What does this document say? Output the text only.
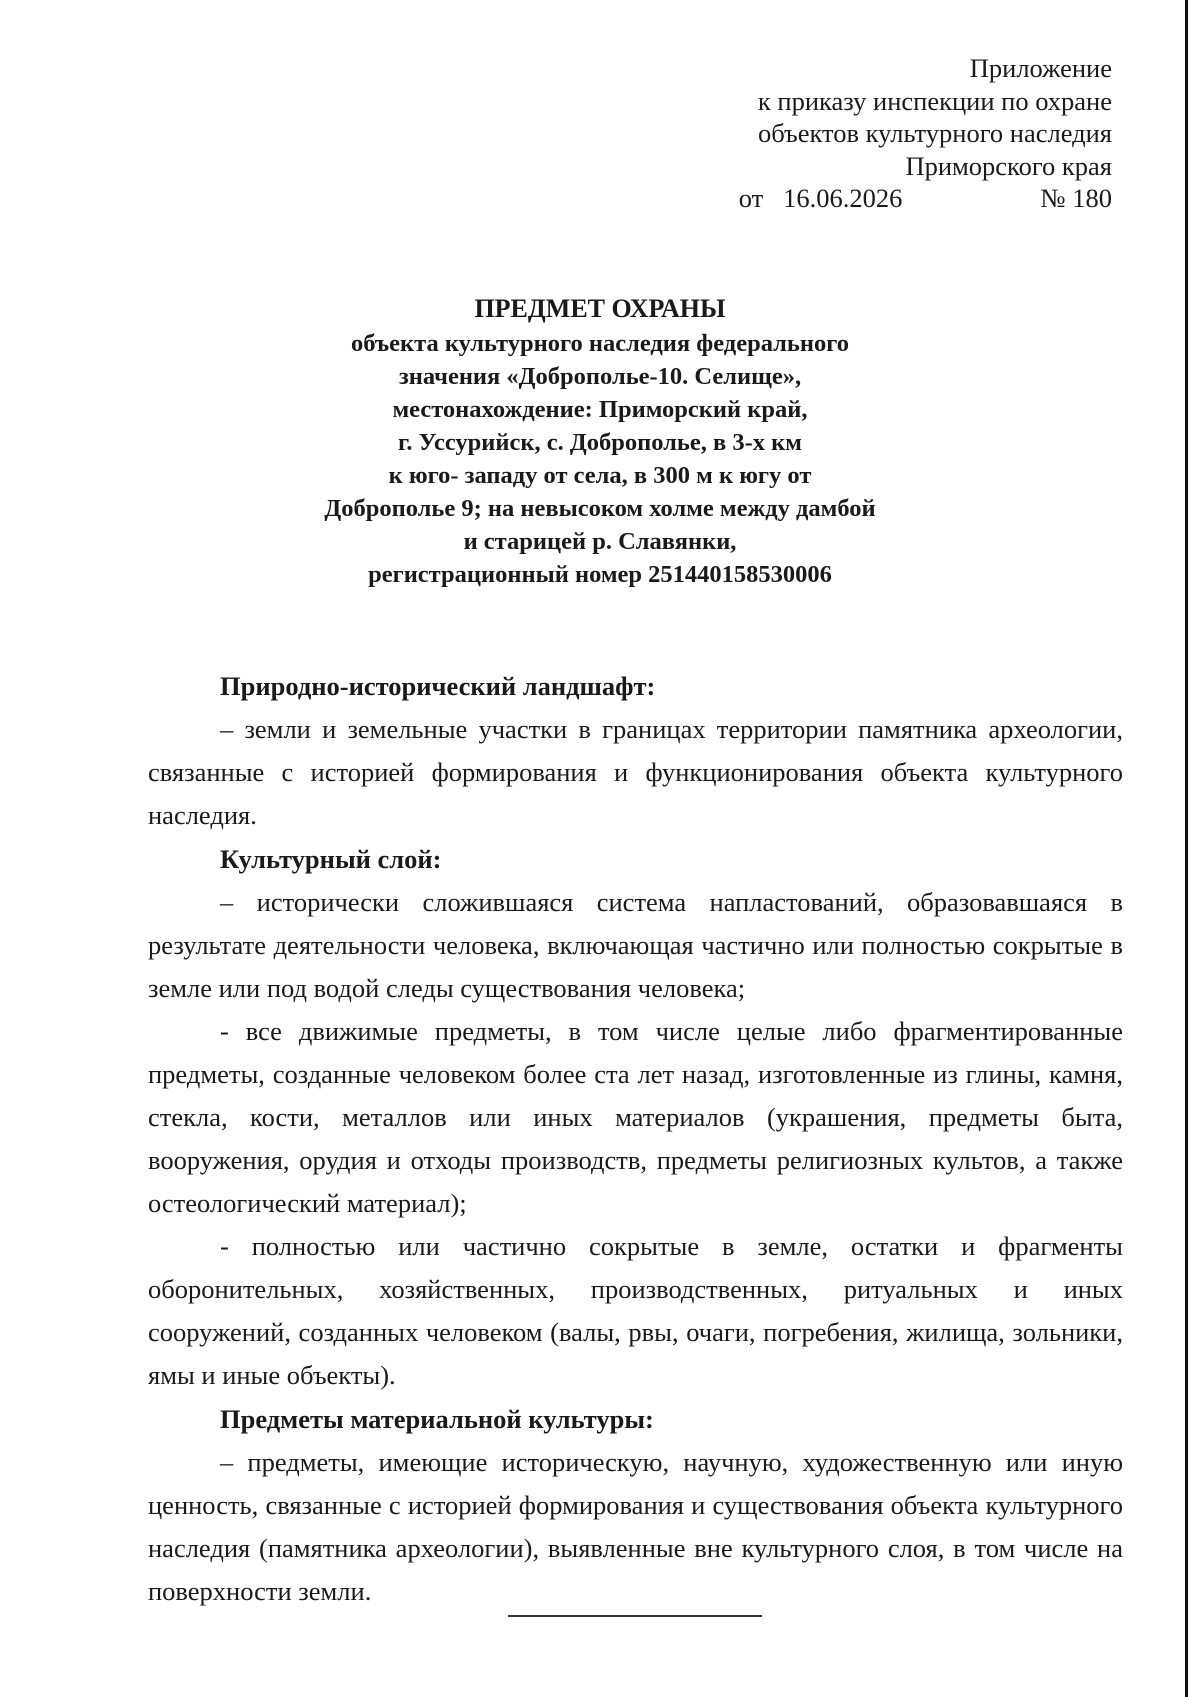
Приложение
к приказу инспекции по охране
объектов культурного наследия
Приморского края
от
16.06.2026	№ 180
ПРЕДМЕТ ОХРАНЫ
объекта культурного наследия федерального
значения «Доброполье-10. Селище»,
местонахождение: Приморский край,
г. Уссурийск, с. Доброполье, в 3-х км
к юго- западу от села, в 300 м к югу от
Доброполье 9; на невысоком холме между дамбой
и старицей р. Славянки,
регистрационный номер 251440158530006

Природно-исторический ландшафт:

– земли и земельные участки в границах территории памятника археологии, связанные с историей формирования и функционирования объекта культурного наследия.

Культурный слой:

– исторически сложившаяся система напластований, образовавшаяся в результате деятельности человека, включающая частично или полностью сокрытые в земле или под водой следы существования человека;

- все движимые предметы, в том числе целые либо фрагментированные предметы, созданные человеком более ста лет назад, изготовленные из глины, камня, стекла, кости, металлов или иных материалов (украшения, предметы быта, вооружения, орудия и отходы производств, предметы религиозных культов, а также остеологический материал);

- полностью или частично сокрытые в земле, остатки и фрагменты оборонительных, хозяйственных, производственных, ритуальных и иных сооружений, созданных человеком (валы, рвы, очаги, погребения, жилища, зольники, ямы и иные объекты).

Предметы материальной культуры:

– предметы, имеющие историческую, научную, художественную или иную ценность, связанные с историей формирования и существования объекта культурного наследия (памятника археологии), выявленные вне культурного слоя, в том числе на поверхности земли.
